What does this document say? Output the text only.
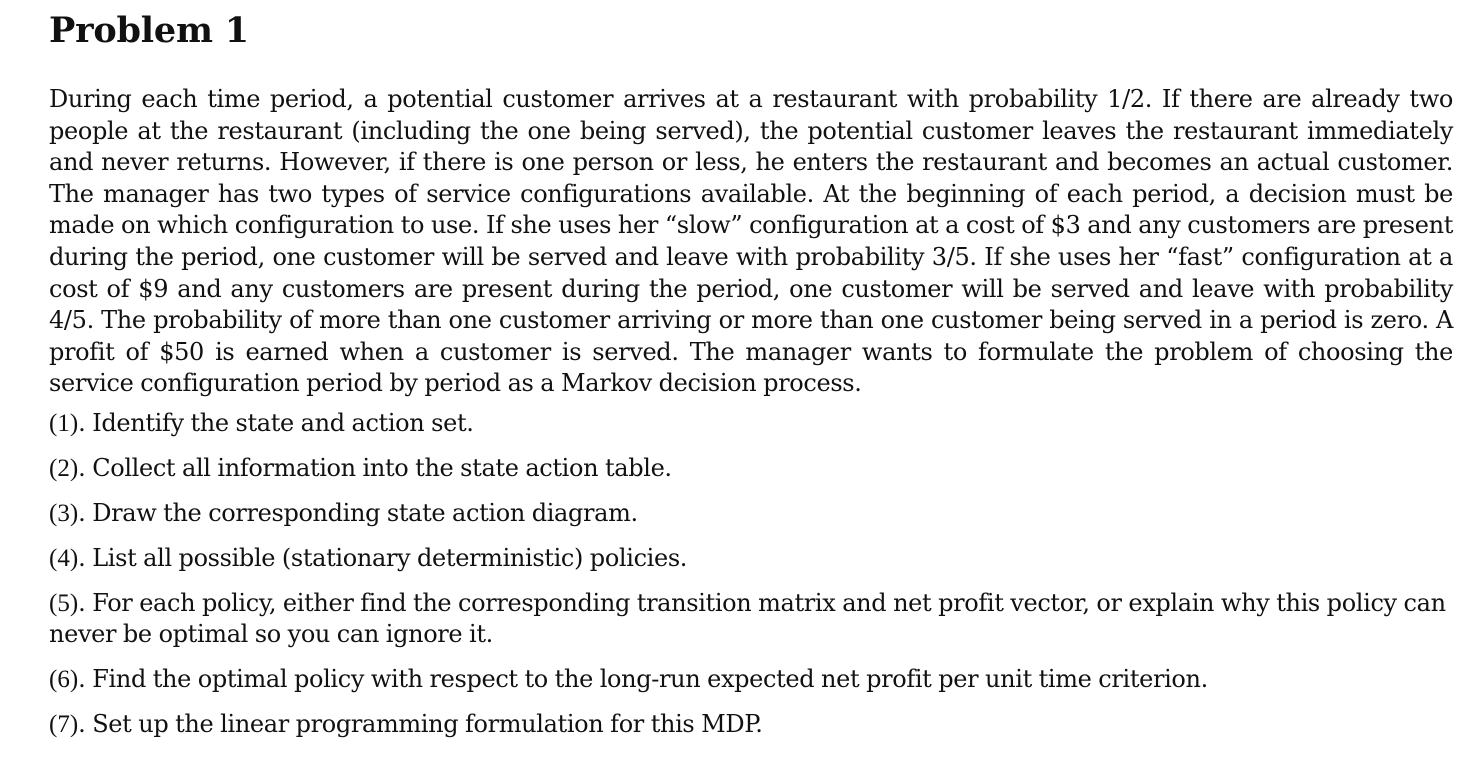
Problem 1

During each time period, a potential customer arrives at a restaurant with probability 1/2. If there are already two people at the restaurant (including the one being served), the potential customer leaves the restaurant immediately and never returns. However, if there is one person or less, he enters the restaurant and becomes an actual customer. The manager has two types of service configurations available. At the beginning of each period, a decision must be made on which configuration to use. If she uses her “slow” configuration at a cost of $3 and any customers are present during the period, one customer will be served and leave with probability 3/5. If she uses her “fast” configuration at a cost of $9 and any customers are present during the period, one customer will be served and leave with probability 4/5. The probability of more than one customer arriving or more than one customer being served in a period is zero. A profit of $50 is earned when a customer is served. The manager wants to formulate the problem of choosing the service configuration period by period as a Markov decision process.

(1). Identify the state and action set.
(2). Collect all information into the state action table.
(3). Draw the corresponding state action diagram.
(4). List all possible (stationary deterministic) policies.
(5). For each policy, either find the corresponding transition matrix and net profit vector, or explain why this policy can never be optimal so you can ignore it.
(6). Find the optimal policy with respect to the long-run expected net profit per unit time criterion.
(7). Set up the linear programming formulation for this MDP.
